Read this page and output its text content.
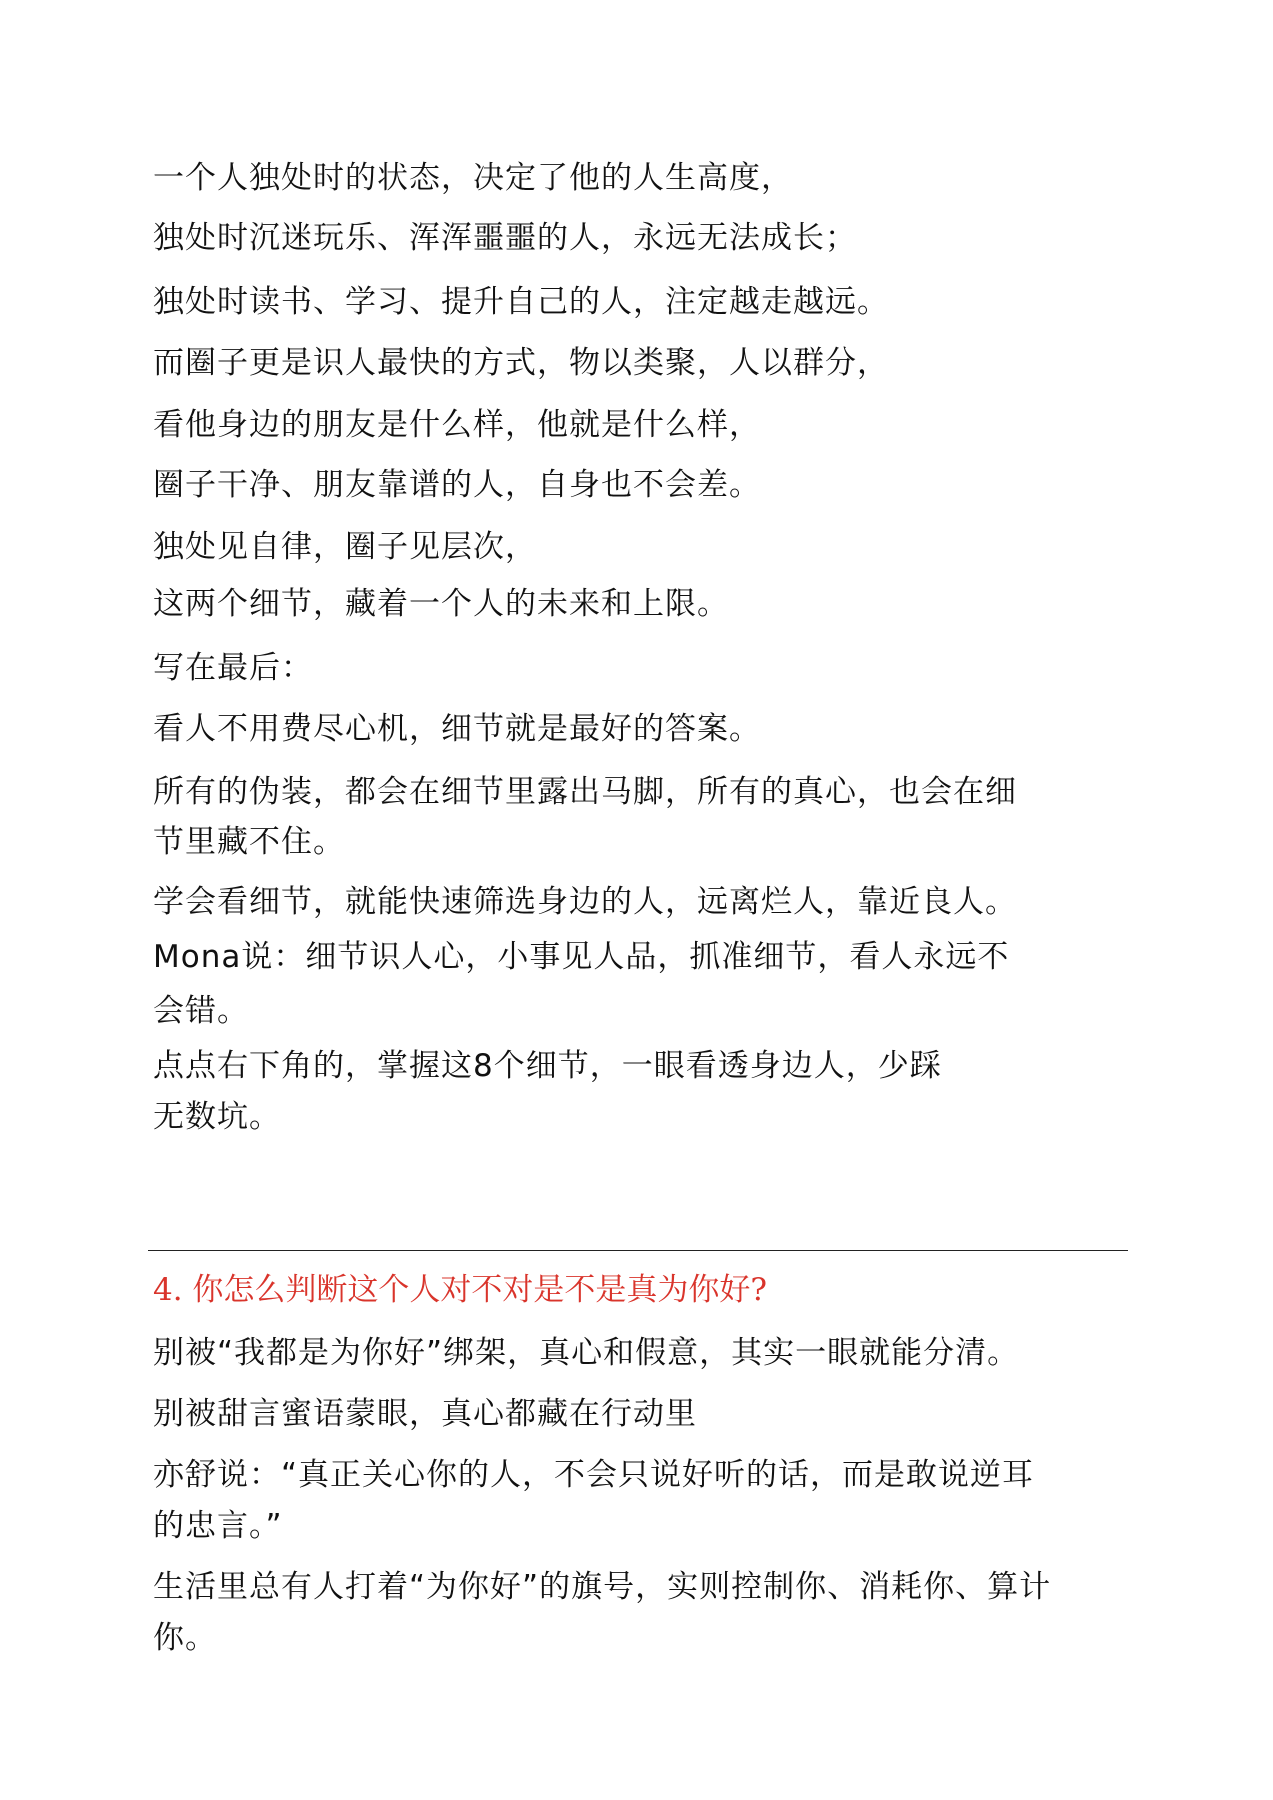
一个人独处时的状态，决定了他的人生高度，
独处时沉迷玩乐、浑浑噩噩的人，永远无法成长；
独处时读书、学习、提升自己的人，注定越走越远。
而圈子更是识人最快的方式，物以类聚，人以群分，
看他身边的朋友是什么样，他就是什么样，
圈子干净、朋友靠谱的人，自身也不会差。
独处见自律，圈子见层次，
这两个细节，藏着一个人的未来和上限。
写在最后：
看人不用费尽心机，细节就是最好的答案。
所有的伪装，都会在细节里露出马脚，所有的真心，也会在细
节里藏不住。
学会看细节，就能快速筛选身边的人，远离烂人，靠近良人。
Mona说：细节识人心，小事见人品，抓准细节，看人永远不
会错。
点点右下角的，掌握这8个细节，一眼看透身边人，少踩
无数坑。
4. 你怎么判断这个人对不对是不是真为你好?
别被“我都是为你好”绑架，真心和假意，其实一眼就能分清。
别被甜言蜜语蒙眼，真心都藏在行动里
亦舒说：“真正关心你的人，不会只说好听的话，而是敢说逆耳
的忠言。”
生活里总有人打着“为你好”的旗号，实则控制你、消耗你、算计
你。
